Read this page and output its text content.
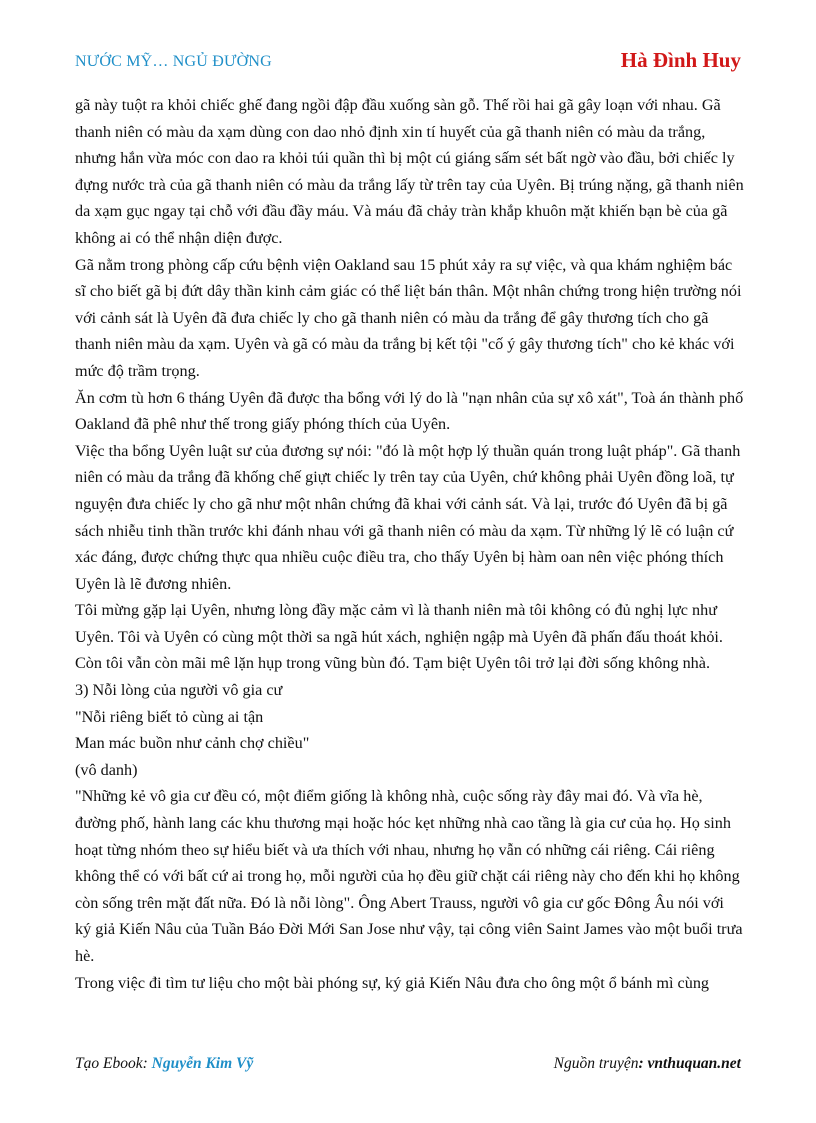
NƯỚC MỸ… NGỦ ĐƯỜNG	Hà Đình Huy

gã này tuột ra khỏi chiếc ghế đang ngồi đập đầu xuống sàn gỗ. Thế rồi hai gã gây loạn với nhau. Gã thanh niên có màu da xạm dùng con dao nhỏ định xin tí huyết của gã thanh niên có màu da trắng, nhưng hắn vừa móc con dao ra khỏi túi quần thì bị một cú giáng sấm sét bất ngờ vào đầu, bởi chiếc ly đựng nước trà của gã thanh niên có màu da trắng lấy từ trên tay của Uyên. Bị trúng nặng, gã thanh niên da xạm gục ngay tại chỗ với đầu đầy máu. Và máu đã chảy tràn khắp khuôn mặt khiến bạn bè của gã không ai có thể nhận diện được.

Gã nằm trong phòng cấp cứu bệnh viện Oakland sau 15 phút xảy ra sự việc, và qua khám nghiệm bác sĩ cho biết gã bị đứt dây thần kinh cảm giác có thể liệt bán thân. Một nhân chứng trong hiện trường nói với cảnh sát là Uyên đã đưa chiếc ly cho gã thanh niên có màu da trắng để gây thương tích cho gã thanh niên màu da xạm. Uyên và gã có màu da trắng bị kết tội "cố ý gây thương tích" cho kẻ khác với mức độ trầm trọng.

Ăn cơm tù hơn 6 tháng Uyên đã được tha bổng với lý do là "nạn nhân của sự xô xát", Toà án thành phố Oakland đã phê như thế trong giấy phóng thích của Uyên.

Việc tha bổng Uyên luật sư của đương sự nói: "đó là một hợp lý thuần quán trong luật pháp". Gã thanh niên có màu da trắng đã khống chế giựt chiếc ly trên tay của Uyên, chứ không phải Uyên đồng loã, tự nguyện đưa chiếc ly cho gã như một nhân chứng đã khai với cảnh sát. Và lại, trước đó Uyên đã bị gã sách nhiễu tinh thần trước khi đánh nhau với gã thanh niên có màu da xạm. Từ những lý lẽ có luận cứ xác đáng, được chứng thực qua nhiều cuộc điều tra, cho thấy Uyên bị hàm oan nên việc phóng thích Uyên là lẽ đương nhiên.

Tôi mừng gặp lại Uyên, nhưng lòng đầy mặc cảm vì là thanh niên mà tôi không có đủ nghị lực như Uyên. Tôi và Uyên có cùng một thời sa ngã hút xách, nghiện ngập mà Uyên đã phấn đấu thoát khỏi. Còn tôi vẫn còn mãi mê lặn hụp trong vũng bùn đó. Tạm biệt Uyên tôi trở lại đời sống không nhà.

3) Nỗi lòng của người vô gia cư

"Nỗi riêng biết tỏ cùng ai tận

Man mác buồn như cảnh chợ chiều"

(vô danh)

"Những kẻ vô gia cư đều có, một điểm giống là không nhà, cuộc sống rày đây mai đó. Và vĩa hè, đường phố, hành lang các khu thương mại hoặc hóc kẹt những nhà cao tầng là gia cư của họ. Họ sinh hoạt từng nhóm theo sự hiểu biết và ưa thích với nhau, nhưng họ vẫn có những cái riêng. Cái riêng không thể có với bất cứ ai trong họ, mỗi người của họ đều giữ chặt cái riêng này cho đến khi họ không còn sống trên mặt đất nữa. Đó là nỗi lòng". Ông Abert Trauss, người vô gia cư gốc Đông Âu nói với ký giả Kiến Nâu của Tuần Báo Đời Mới San Jose như vậy, tại công viên Saint James vào một buổi trưa hè.

Trong việc đi tìm tư liệu cho một bài phóng sự, ký giả Kiến Nâu đưa cho ông một ổ bánh mì cùng

Tạo Ebook: Nguyễn Kim Vỹ	Nguồn truyện: vnthuquan.net
